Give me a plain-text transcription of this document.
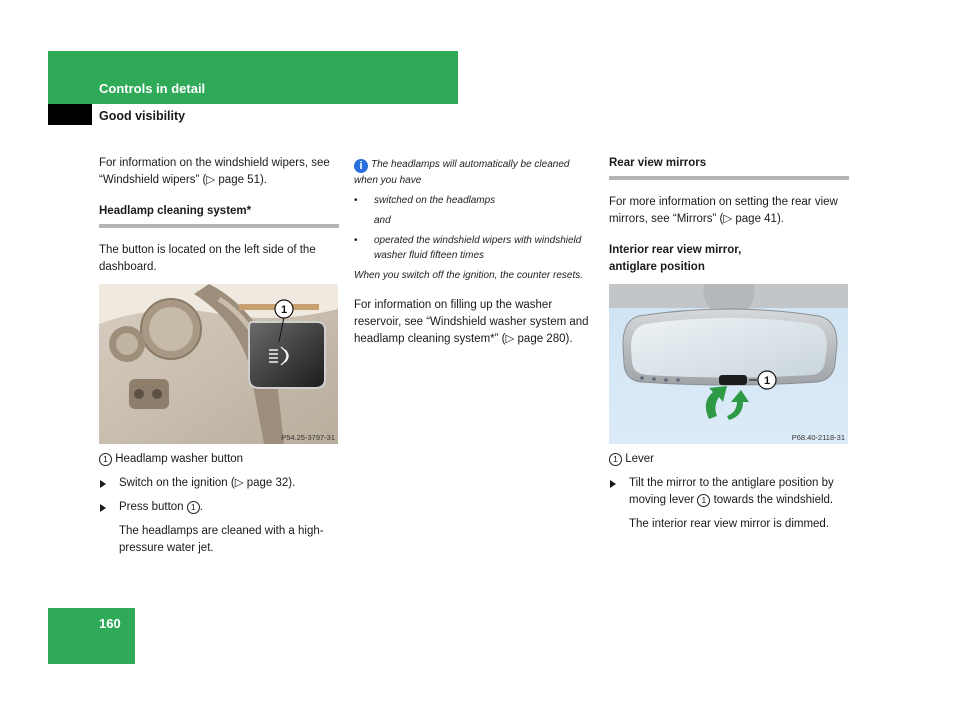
Controls in detail
Good visibility

For information on the windshield wipers, see “Windshield wipers” (▷ page 51).

Headlamp cleaning system*

The button is located on the left side of the dashboard.

1
P54.25-3797-31

1 Headlamp washer button

Switch on the ignition (▷ page 32).

Press button 1 .

The headlamps are cleaned with a high-pressure water jet.

i The headlamps will automatically be cleaned when you have

• switched on the headlamps

and

• operated the windshield wipers with windshield washer fluid fifteen times

When you switch off the ignition, the counter resets.

For information on filling up the washer reservoir, see “Windshield washer system and headlamp cleaning system*” (▷ page 280).

Rear view mirrors

For more information on setting the rear view mirrors, see “Mirrors” (▷ page 41).

Interior rear view mirror,
antiglare position

1
P68.40-2118-31

1 Lever

Tilt the mirror to the antiglare position by moving lever 1 towards the windshield.

The interior rear view mirror is dimmed.

160
